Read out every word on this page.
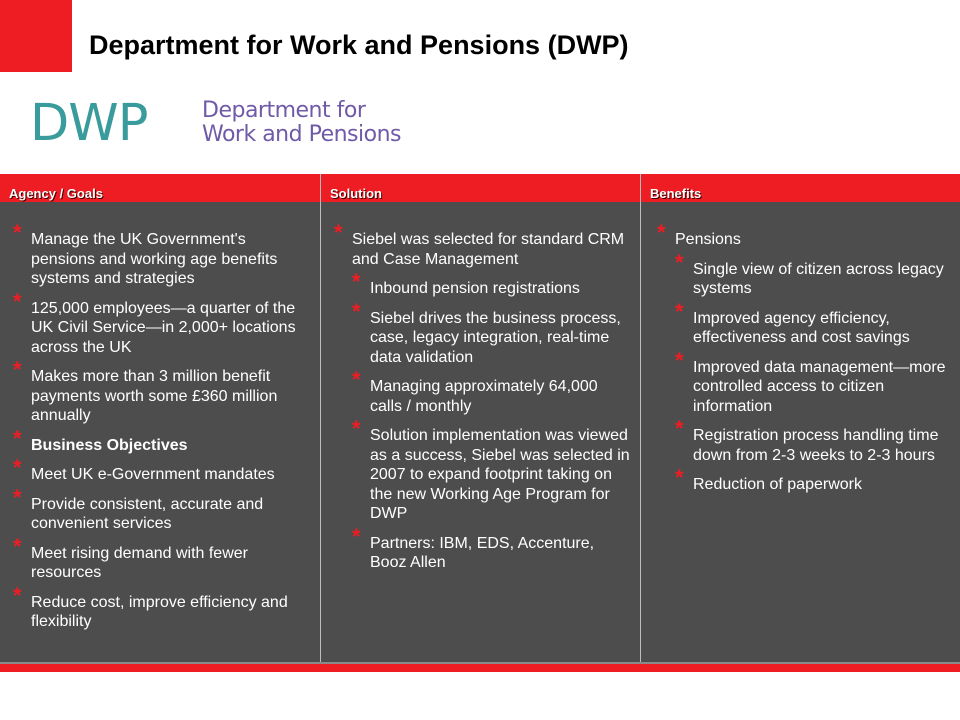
Department for Work and Pensions (DWP)
DWP Department for
Work and Pensions
Agency / Goals
* Manage the UK Government's pensions and working age benefits systems and strategies
* 125,000 employees—a quarter of the UK Civil Service—in 2,000+ locations across the UK
* Makes more than 3 million benefit payments worth some £360 million annually
* Business Objectives
* Meet UK e-Government mandates
* Provide consistent, accurate and convenient services
* Meet rising demand with fewer resources
* Reduce cost, improve efficiency and flexibility
Solution
* Siebel was selected for standard CRM and Case Management
* Inbound pension registrations
* Siebel drives the business process, case, legacy integration, real-time data validation
* Managing approximately 64,000 calls / monthly
* Solution implementation was viewed as a success, Siebel was selected in 2007 to expand footprint taking on the new Working Age Program for DWP
* Partners: IBM, EDS, Accenture, Booz Allen
Benefits
* Pensions
* Single view of citizen across legacy systems
* Improved agency efficiency, effectiveness and cost savings
* Improved data management—more controlled access to citizen information
* Registration process handling time down from 2-3 weeks to 2-3 hours
* Reduction of paperwork
